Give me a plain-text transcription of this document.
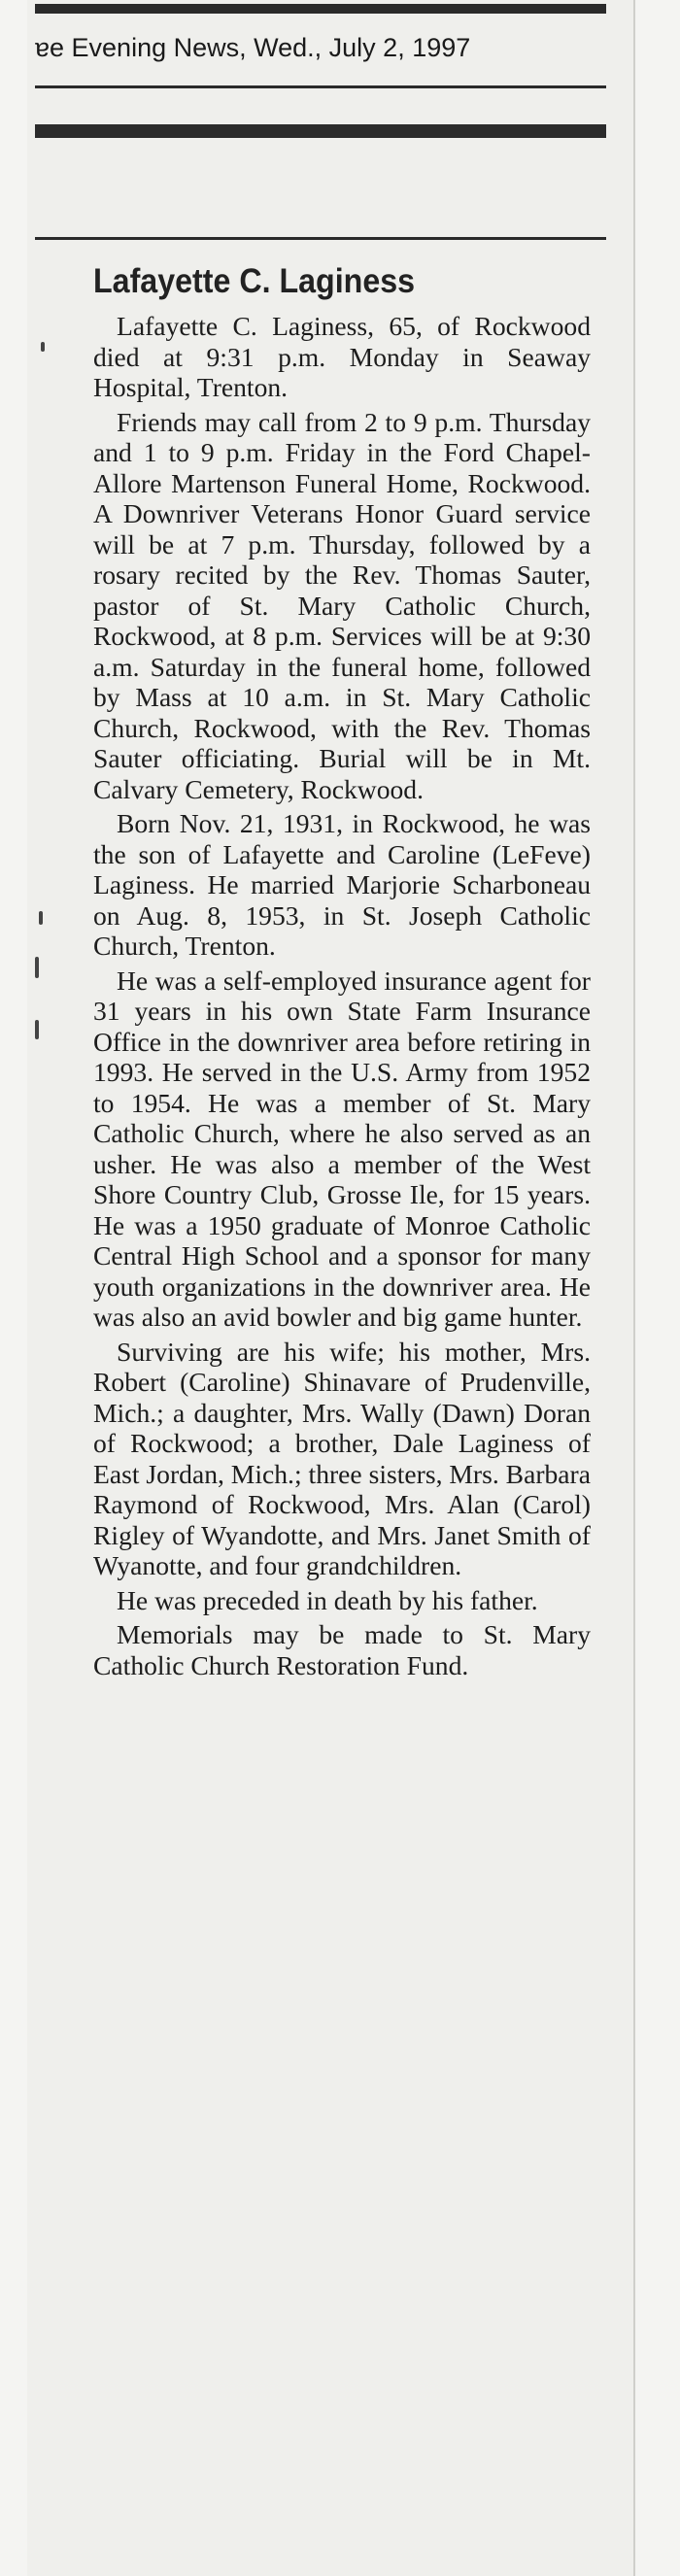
ɐe Evening News, Wed., July 2, 1997
Lafayette C. Laginess

Lafayette C. Laginess, 65, of Rockwood died at 9:31 p.m. Monday in Seaway Hospital, Trenton.

Friends may call from 2 to 9 p.m. Thursday and 1 to 9 p.m. Friday in the Ford Chapel-Allore Martenson Funeral Home, Rockwood. A Downriver Veterans Honor Guard service will be at 7 p.m. Thursday, followed by a rosary recited by the Rev. Thomas Sauter, pastor of St. Mary Catholic Church, Rockwood, at 8 p.m. Services will be at 9:30 a.m. Saturday in the funeral home, followed by Mass at 10 a.m. in St. Mary Catholic Church, Rockwood, with the Rev. Thomas Sauter officiating. Burial will be in Mt. Calvary Cemetery, Rockwood.

Born Nov. 21, 1931, in Rockwood, he was the son of Lafayette and Caroline (LeFeve) Laginess. He married Marjorie Scharboneau on Aug. 8, 1953, in St. Joseph Catholic Church, Trenton.

He was a self-employed insurance agent for 31 years in his own State Farm Insurance Office in the downriver area before retiring in 1993. He served in the U.S. Army from 1952 to 1954. He was a member of St. Mary Catholic Church, where he also served as an usher. He was also a member of the West Shore Country Club, Grosse Ile, for 15 years. He was a 1950 graduate of Monroe Catholic Central High School and a sponsor for many youth organizations in the downriver area. He was also an avid bowler and big game hunter.

Surviving are his wife; his mother, Mrs. Robert (Caroline) Shinavare of Prudenville, Mich.; a daughter, Mrs. Wally (Dawn) Doran of Rockwood; a brother, Dale Laginess of East Jordan, Mich.; three sisters, Mrs. Barbara Raymond of Rockwood, Mrs. Alan (Carol) Rigley of Wyandotte, and Mrs. Janet Smith of Wyanotte, and four grandchildren.

He was preceded in death by his father.

Memorials may be made to St. Mary Catholic Church Restoration Fund.
